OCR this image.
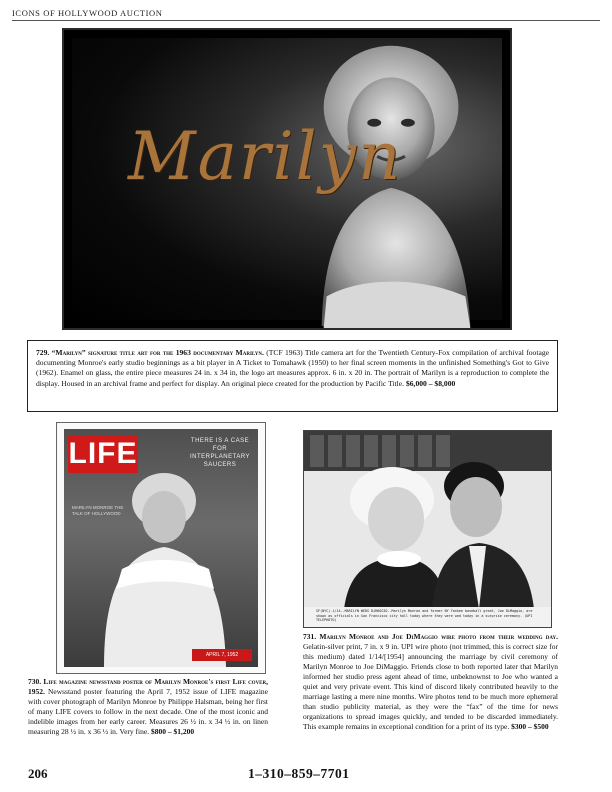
ICONS OF HOLLYWOOD AUCTION
Marilyn
729. “Marilyn” signature title art for the 1963 documentary Marilyn. (TCF 1963) Title camera art for the Twentieth Century-Fox compilation of archival footage documenting Monroe's early studio beginnings as a bit player in A Ticket to Tomahawk (1950) to her final screen moments in the unfinished Something's Got to Give (1962). Enamel on glass, the entire piece measures 24 in. x 34 in, the logo art measures approx. 6 in. x 20 in. The portrait of Marilyn is a reproduction to complete the display. Housed in an archival frame and perfect for display. An original piece created for the production by Pacific Title. $6,000 – $8,000
LIFE	THERE IS A CASE FOR INTERPLANETARY SAUCERS
MARILYN MONROE THE TALK OF HOLLYWOOD
APRIL 7, 1952
SF(NYC)-1/14--MARILYN WEDS DiMAGGIO--Marilyn Monroe and former NY Yankee baseball great, Joe DiMaggio, are shown as officials in San Francisco city hall today where they were wed today in a surprise ceremony. (UPI TELEPHOTO)
730. Life magazine newsstand poster of Marilyn Monroe's first Life cover, 1952. Newsstand poster featuring the April 7, 1952 issue of LIFE magazine with cover photograph of Marilyn Monroe by Philippe Halsman, being her first of many LIFE covers to follow in the next decade. One of the most iconic and indelible images from her early career. Measures 26 ½ in. x 34 ½ in. on linen measuring 28 ½ in. x 36 ½ in. Very fine. $800 – $1,200
731. Marilyn Monroe and Joe DiMaggio wire photo from their wedding day. Gelatin-silver print, 7 in. x 9 in. UPI wire photo (not trimmed, this is correct size for this medium) dated 1/14/[1954] announcing the marriage by civil ceremony of Marilyn Monroe to Joe DiMaggio. Friends close to both reported later that Marilyn informed her studio press agent ahead of time, unbeknownst to Joe who wanted a quiet and very private event. This kind of discord likely contributed heavily to the marriage lasting a mere nine months. Wire photos tend to be much more ephemeral than studio publicity material, as they were the “fax” of the time for news organizations to spread images quickly, and tended to be discarded immediately. This example remains in exceptional condition for a print of its type. $300 – $500
206	1–310–859–7701
